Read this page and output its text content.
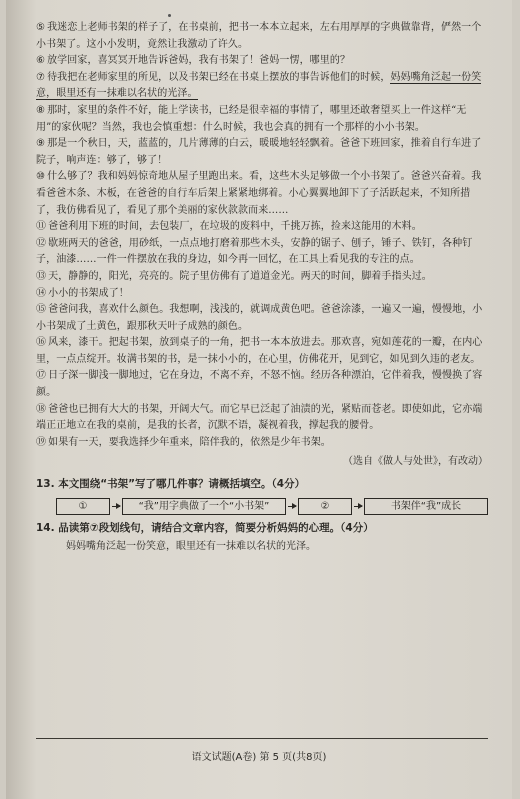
⑤ 我迷恋上老师书架的样子了，在书桌前，把书一本本立起来，左右用厚厚的字典做靠背，俨然一个小书架了。这小小发明，竟然让我激动了许久。

⑥ 放学回家，喜冥冥开地告诉爸妈，我有书架了！爸妈一愣，哪里的？

⑦ 待我把在老师家里的所见，以及书架已经在书桌上摆放的事告诉他们的时候，妈妈嘴角泛起一份笑意，眼里还有一抹难以名状的光泽。

⑧ 那时，家里的条件不好，能上学读书，已经是很幸福的事情了，哪里还敢奢望买上一件这样“无用”的家伙呢？当然，我也会慎重想：什么时候，我也会真的拥有一个那样的小小书架。

⑨ 那是一个秋日，天，蓝蓝的，几片薄薄的白云，暖暖地轻轻飘着。爸爸下班回家，推着自行车进了院子，响声连：够了，够了！

⑩ 什么够了？我和妈妈惊奇地从屋子里跑出来。看，这些木头足够做一个小书架了。爸爸兴奋着。我看爸爸木条、木板，在爸爸的自行车后架上紧紧地绑着。小心翼翼地卸下了子活跃起来，不知所措了，我仿佛看见了，看见了那个美丽的家伙款款而来……

⑪ 爸爸利用下班的时间，去包装厂，在垃圾的废料中，千挑万拣，捡来这能用的木料。

⑫ 歇班两天的爸爸，用砂纸，一点点地打磨着那些木头，安静的锯子、刨子，锤子、铁钉，各种钉子，油漆……一件一件摆放在我的身边，如今再一回忆，在工具上看见我的专注的点。

⑬ 天，静静的，阳光，亮亮的。院子里仿佛有了道道金光。两天的时间，脚着手指头过。

⑭ 小小的书架成了！

⑮ 爸爸问我，喜欢什么颜色。我想啊，浅浅的，就调成黄色吧。爸爸涂漆，一遍又一遍，慢慢地，小小书架成了土黄色，跟那秋天叶子成熟的颜色。

⑯ 风来，漆干。把起书架，放到桌子的一角，把书一本本放进去。那欢喜，宛如莲花的一瓣，在内心里，一点点绽开。妆满书架的书，是一抹小小的，在心里，仿佛花开，见到它，如见到久违的老友。

⑰ 日子深一脚浅一脚地过，它在身边，不离不弃，不怒不恼。经历各种漂泊，它伴着我，慢慢换了容颜。

⑱ 爸爸也已拥有大大的书架，开阔大气。而它早已泛起了油渍的光，紧贴而苍老。即使如此，它亦端端正正地立在我的桌前，是我的长者，沉默不语，凝视着我，撑起我的腰骨。

⑲ 如果有一天，要我选择少年重来，陪伴我的，依然是少年书架。

（选自《做人与处世》，有改动）

13. 本文围绕“书架”写了哪几件事？请概括填空。（4分）

①	“我”用字典做了一个“小书架”	②	书架伴“我”成长

14. 品读第⑦段划线句，请结合文章内容，简要分析妈妈的心理。（4分）

妈妈嘴角泛起一份笑意，眼里还有一抹难以名状的光泽。

语文试题(A卷) 第 5 页(共8页)
